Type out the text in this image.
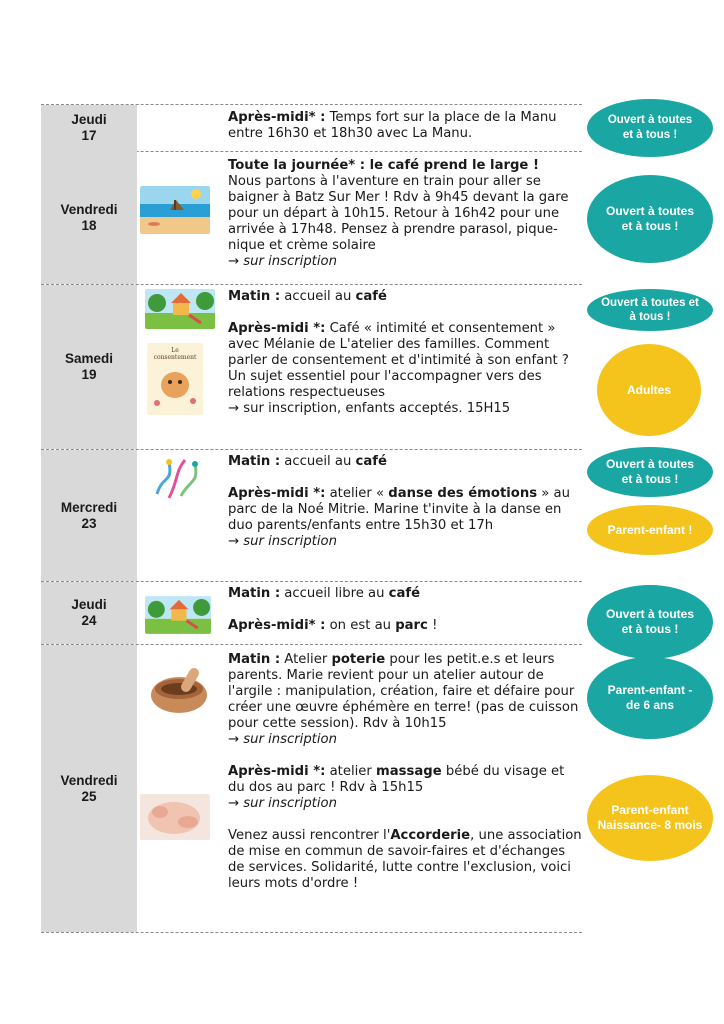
Jeudi
17

Après-midi* : Temps fort sur la place de la Manu entre 16h30 et 18h30 avec La Manu.

Ouvert à toutes et à tous !
Vendredi
18

Toute la journée* : le café prend le large !

Nous partons à l'aventure en train pour aller se baigner à Batz Sur Mer ! Rdv à 9h45 devant la gare pour un départ à 10h15. Retour à 16h42 pour une arrivée à 17h48. Pensez à prendre parasol, pique-nique et crème solaire

→ sur inscription

Ouvert à toutes et à tous !
Samedi
19
Le consentement

Matin : accueil au café

Après-midi *: Café « intimité et consentement » avec Mélanie de L'atelier des familles. Comment parler de consentement et d'intimité à son enfant ? Un sujet essentiel pour l'accompagner vers des relations respectueuses

→ sur inscription, enfants acceptés. 15H15

Ouvert à toutes et à tous !
Adultes
Mercredi
23

Matin : accueil au café

Après-midi *: atelier « danse des émotions » au parc de la Noé Mitrie. Marine t'invite à la danse en duo parents/enfants entre 15h30 et 17h

→ sur inscription

Ouvert à toutes et à tous !
Parent-enfant !
Jeudi
24

Matin : accueil libre au café

Après-midi* : on est au parc !

Ouvert à toutes et à tous !
Vendredi
25

Matin : Atelier poterie pour les petit.e.s et leurs parents. Marie revient pour un atelier autour de l'argile : manipulation, création, faire et défaire pour créer une œuvre éphémère en terre! (pas de cuisson pour cette session). Rdv à 10h15

→ sur inscription

Après-midi *: atelier massage bébé du visage et du dos au parc ! Rdv à 15h15

→ sur inscription

Venez aussi rencontrer l'Accorderie, une association de mise en commun de savoir-faires et d'échanges de services. Solidarité, lutte contre l'exclusion, voici leurs mots d'ordre !

Parent-enfant - de 6 ans
Parent-enfant Naissance- 8 mois
